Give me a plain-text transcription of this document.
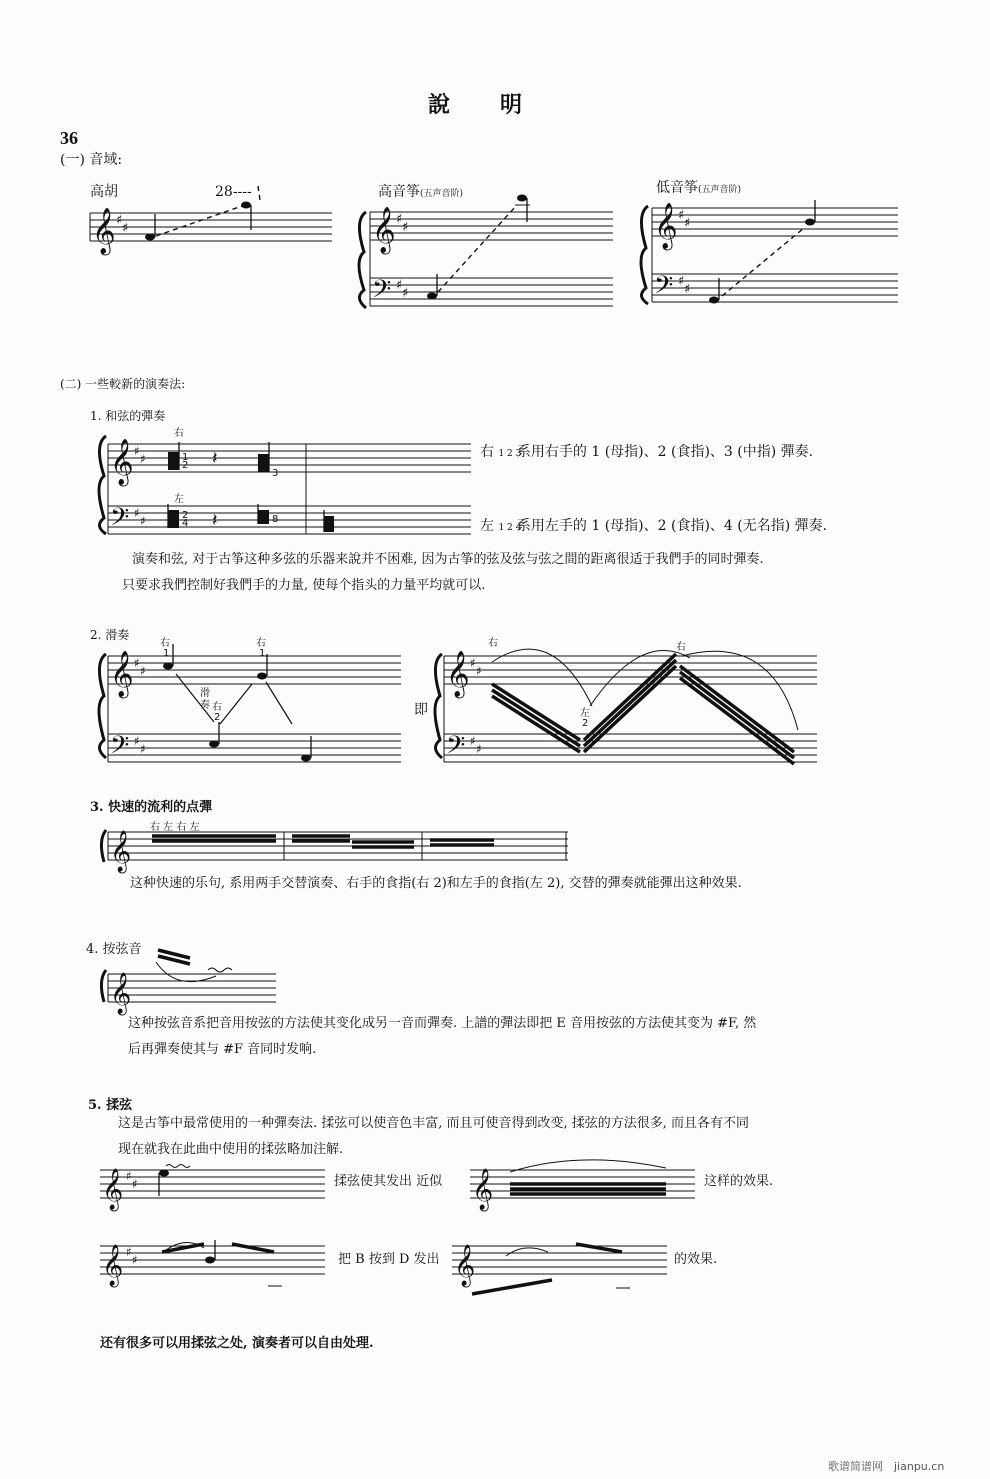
說　　明
36
(一) 音域:
高胡	28----	高音筝(五声音阶)	低音筝(五声音阶)
𝄞 ♯
♯	𝄞
𝄢
♯
♯
♯
♯
𝄞
𝄢
♯
♯
♯
♯
(二) 一些較新的演奏法:
1. 和弦的彈奏
𝄞
𝄢
♯
♯
♯
♯
右
1
2 𝄽
3
左
2
4 𝄽	8
右 1 2 3 系用右手的 1 (母指)、2 (食指)、3 (中指) 彈奏.
左 1 2 4 系用左手的 1 (母指)、2 (食指)、4 (无名指) 彈奏.
演奏和弦, 对于古筝这种多弦的乐器来說并不困难, 因为古筝的弦及弦与弦之間的距离很适于我們手的同时彈奏.
只要求我們控制好我們手的力量, 使每个指头的力量平均就可以.
2. 滑奏
𝄞
𝄢
♯
♯
♯
♯
右
1
滑
奏 右
2
右
1
即
𝄞
𝄢
♯
♯
♯
♯
右
左
2
右
3. 快速的流利的点彈
右 左 右 左
𝄞
这种快速的乐句, 系用两手交替演奏、右手的食指(右 2)和左手的食指(左 2), 交替的彈奏就能彈出这种效果.
4. 按弦音
𝄞
这种按弦音系把音用按弦的方法使其变化成另一音而彈奏. 上譜的彈法即把 E 音用按弦的方法使其变为 #F, 然
后再彈奏使其与 #F 音同时发响.
5. 揉弦
这是古筝中最常使用的一种彈奏法. 揉弦可以使音色丰富, 而且可使音得到改变, 揉弦的方法很多, 而且各有不同
现在就我在此曲中使用的揉弦略加注解.
𝄞 ♯
♯	揉弦使其发出 近似 𝄞	这样的效果.
𝄞 ♯
♯	把 B 按到 D 发出 𝄞	的效果.
还有很多可以用揉弦之处, 演奏者可以自由处理.
歌谱简谱网　jianpu.cn
